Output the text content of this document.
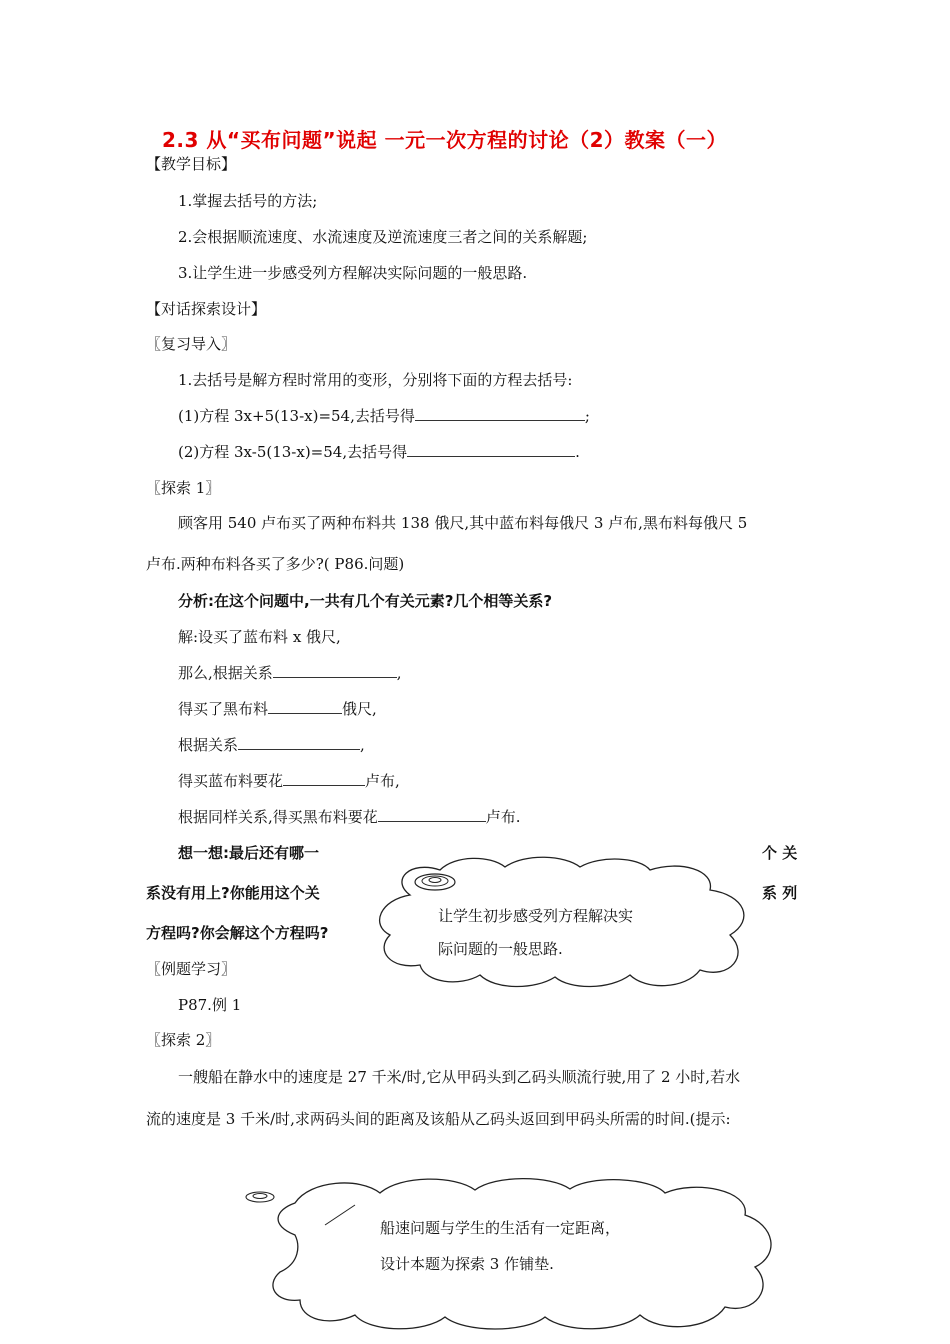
2.3 从“买布问题”说起 一元一次方程的讨论（2）教案（一）
【教学目标】
1.掌握去括号的方法;
2.会根据顺流速度、水流速度及逆流速度三者之间的关系解题;
3.让学生进一步感受列方程解决实际问题的一般思路.
【对话探索设计】
〖复习导入〗
1.去括号是解方程时常用的变形，分别将下面的方程去括号:
(1)方程 3x+5(13-x)=54,去括号得	;
(2)方程 3x-5(13-x)=54,去括号得	.
〖探索 1〗
顾客用 540 卢布买了两种布料共 138 俄尺,其中蓝布料每俄尺 3 卢布,黑布料每俄尺 5
卢布.两种布料各买了多少?( P86.问题)
分析:在这个问题中,一共有几个有关元素?几个相等关系?
解:设买了蓝布料 x 俄尺,
那么,根据关系	,
得买了黑布料	俄尺,
根据关系	,
得买蓝布料要花	卢布,
根据同样关系,得买黑布料要花	卢布.
想一想:最后还有哪一	个 关
系没有用上?你能用这个关	系 列
方程吗?你会解这个方程吗?
让学生初步感受列方程解决实
际问题的一般思路.
〖例题学习〗
P87.例 1
〖探索 2〗
一艘船在静水中的速度是 27 千米/时,它从甲码头到乙码头顺流行驶,用了 2 小时,若水
流的速度是 3 千米/时,求两码头间的距离及该船从乙码头返回到甲码头所需的时间.(提示:
船速问题与学生的生活有一定距离，
设计本题为探索 3 作铺垫.
